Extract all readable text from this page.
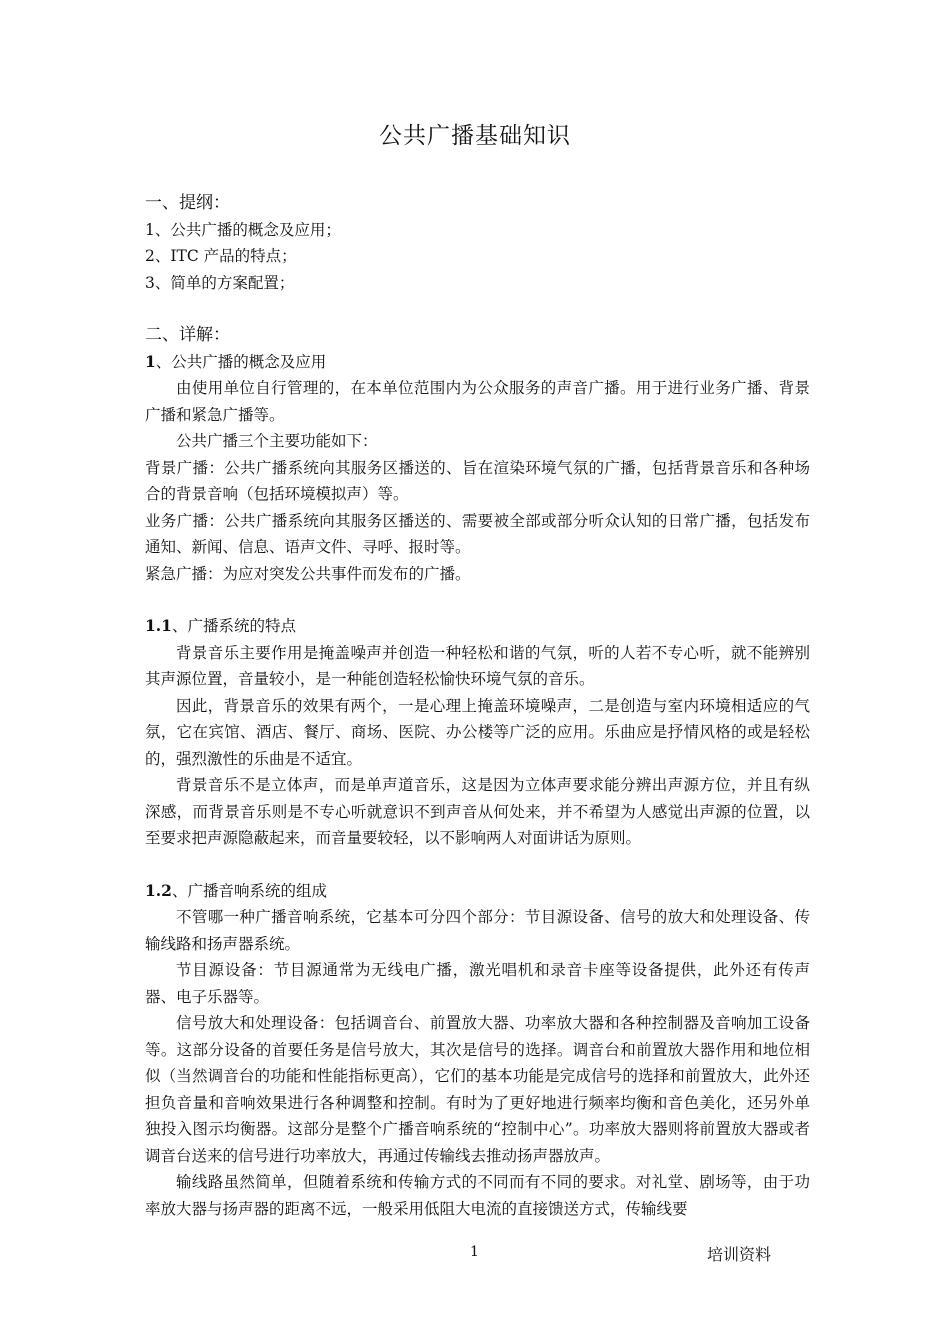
公共广播基础知识

一、提纲：

1、公共广播的概念及应用；

2、ITC 产品的特点；

3、简单的方案配置；

二、详解：

1、公共广播的概念及应用

由使用单位自行管理的，在本单位范围内为公众服务的声音广播。用于进行业务广播、背景广播和紧急广播等。

公共广播三个主要功能如下：

背景广播：公共广播系统向其服务区播送的、旨在渲染环境气氛的广播，包括背景音乐和各种场合的背景音响（包括环境模拟声）等。

业务广播：公共广播系统向其服务区播送的、需要被全部或部分听众认知的日常广播，包括发布通知、新闻、信息、语声文件、寻呼、报时等。

紧急广播：为应对突发公共事件而发布的广播。

1.1、广播系统的特点

背景音乐主要作用是掩盖噪声并创造一种轻松和谐的气氛，听的人若不专心听，就不能辨别其声源位置，音量较小，是一种能创造轻松愉快环境气氛的音乐。

因此，背景音乐的效果有两个，一是心理上掩盖环境噪声，二是创造与室内环境相适应的气氛，它在宾馆、酒店、餐厅、商场、医院、办公楼等广泛的应用。乐曲应是抒情风格的或是轻松的，强烈激性的乐曲是不适宜。

背景音乐不是立体声，而是单声道音乐，这是因为立体声要求能分辨出声源方位，并且有纵深感，而背景音乐则是不专心听就意识不到声音从何处来，并不希望为人感觉出声源的位置，以至要求把声源隐蔽起来，而音量要较轻，以不影响两人对面讲话为原则。

1.2、广播音响系统的组成

不管哪一种广播音响系统，它基本可分四个部分：节目源设备、信号的放大和处理设备、传输线路和扬声器系统。

节目源设备：节目源通常为无线电广播，激光唱机和录音卡座等设备提供，此外还有传声器、电子乐器等。

信号放大和处理设备：包括调音台、前置放大器、功率放大器和各种控制器及音响加工设备等。这部分设备的首要任务是信号放大，其次是信号的选择。调音台和前置放大器作用和地位相似（当然调音台的功能和性能指标更高），它们的基本功能是完成信号的选择和前置放大，此外还担负音量和音响效果进行各种调整和控制。有时为了更好地进行频率均衡和音色美化，还另外单独投入图示均衡器。这部分是整个广播音响系统的“控制中心”。功率放大器则将前置放大器或者调音台送来的信号进行功率放大，再通过传输线去推动扬声器放声。

输线路虽然简单，但随着系统和传输方式的不同而有不同的要求。对礼堂、剧场等，由于功率放大器与扬声器的距离不远，一般采用低阻大电流的直接馈送方式，传输线要

1	培训资料
